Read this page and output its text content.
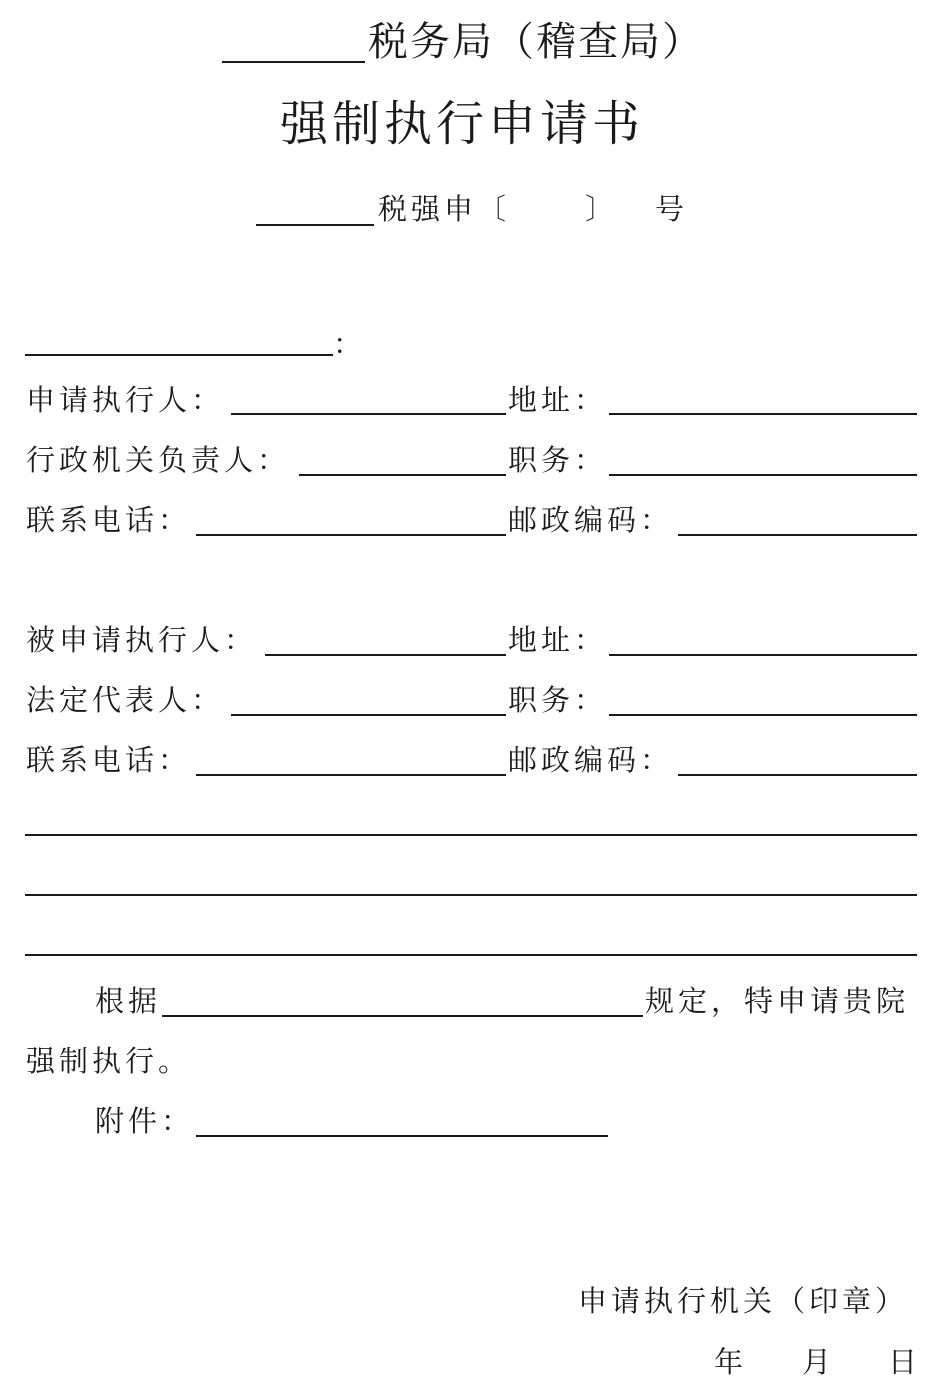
税务局（稽查局）
强制执行申请书
税强申〔	〕 号
：
申请执行人：	地址：
行政机关负责人：	职务：
联系电话：	邮政编码：
被申请执行人：	地址：
法定代表人：	职务：
联系电话：	邮政编码：
根据	规定，特申请贵院
强制执行。
附件：
申请执行机关（印章）
年 月 日
